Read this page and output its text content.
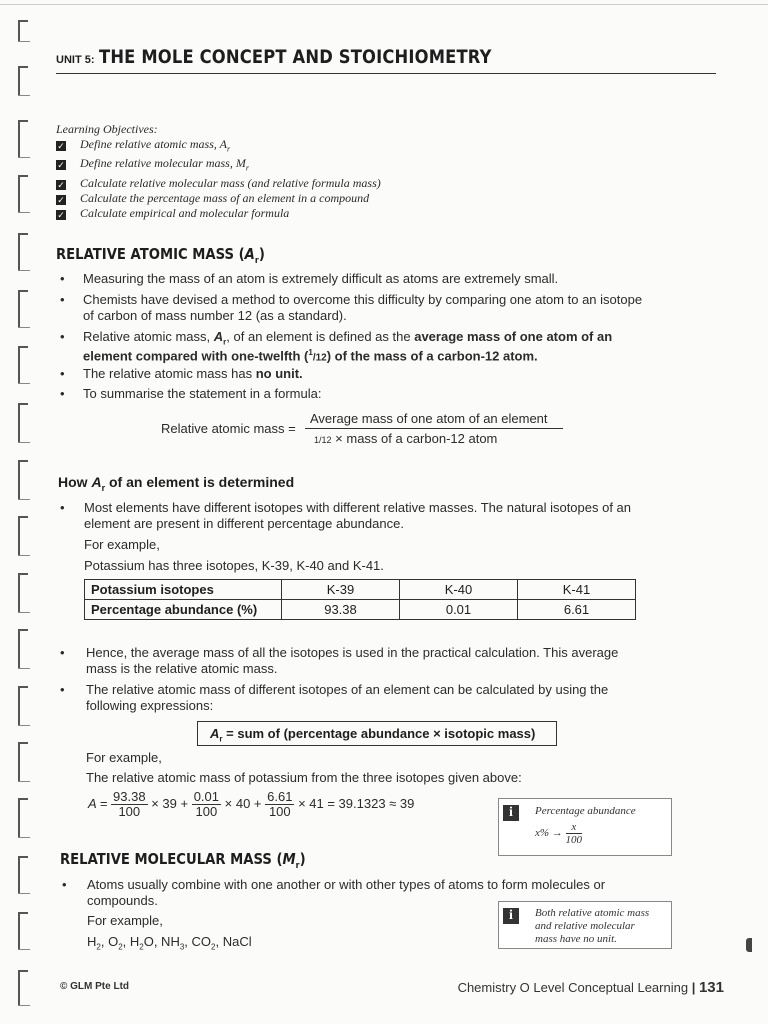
UNIT 5: THE MOLE CONCEPT AND STOICHIOMETRY
Learning Objectives:
✓ Define relative atomic mass, $A_r$
✓ Define relative molecular mass, $M_r$
✓ Calculate relative molecular mass (and relative formula mass)
✓ Calculate the percentage mass of an element in a compound
✓ Calculate empirical and molecular formula
RELATIVE ATOMIC MASS $(A_r)$
• Measuring the mass of an atom is extremely difficult as atoms are extremely small.
• Chemists have devised a method to overcome this difficulty by comparing one atom to an isotope
of carbon of mass number 12 (as a standard).
• Relative atomic mass, $A_r$, of an element is defined as the average mass of one atom of an
element compared with one-twelfth ($^1$/12) of the mass of a carbon-12 atom.
• The relative atomic mass has no unit.
• To summarise the statement in a formula:
Relative atomic mass =
Average mass of one atom of an element
1/12 × mass of a carbon-12 atom
How $A_r$ of an element is determined
• Most elements have different isotopes with different relative masses. The natural isotopes of an
element are present in different percentage abundance.
For example,
Potassium has three isotopes, K-39, K-40 and K-41.
Potassium isotopes	K-39	K-40	K-41
Percentage abundance (%)	93.38	0.01	6.61
• Hence, the average mass of all the isotopes is used in the practical calculation. This average
mass is the relative atomic mass.
• The relative atomic mass of different isotopes of an element can be calculated by using the
following expressions:
$A_r$ = sum of (percentage abundance × isotopic mass)
For example,
The relative atomic mass of potassium from the three isotopes given above:
$A = \frac{93.38}{100} \times 39 + \frac{0.01}{100} \times 40 + \frac{6.61}{100} \times 41 = 39.1323 \approx 39$
i	Percentage abundance
$x\% \to \frac{x}{100}$
RELATIVE MOLECULAR MASS $(M_r)$
• Atoms usually combine with one another or with other types of atoms to form molecules or
compounds.
For example,
$H_2$, $O_2$, $H_2O$, $NH_3$, $CO_2$, NaCl
i	Both relative atomic mass
and relative molecular
mass have no unit.
© GLM Pte Ltd	Chemistry O Level Conceptual Learning | 131
